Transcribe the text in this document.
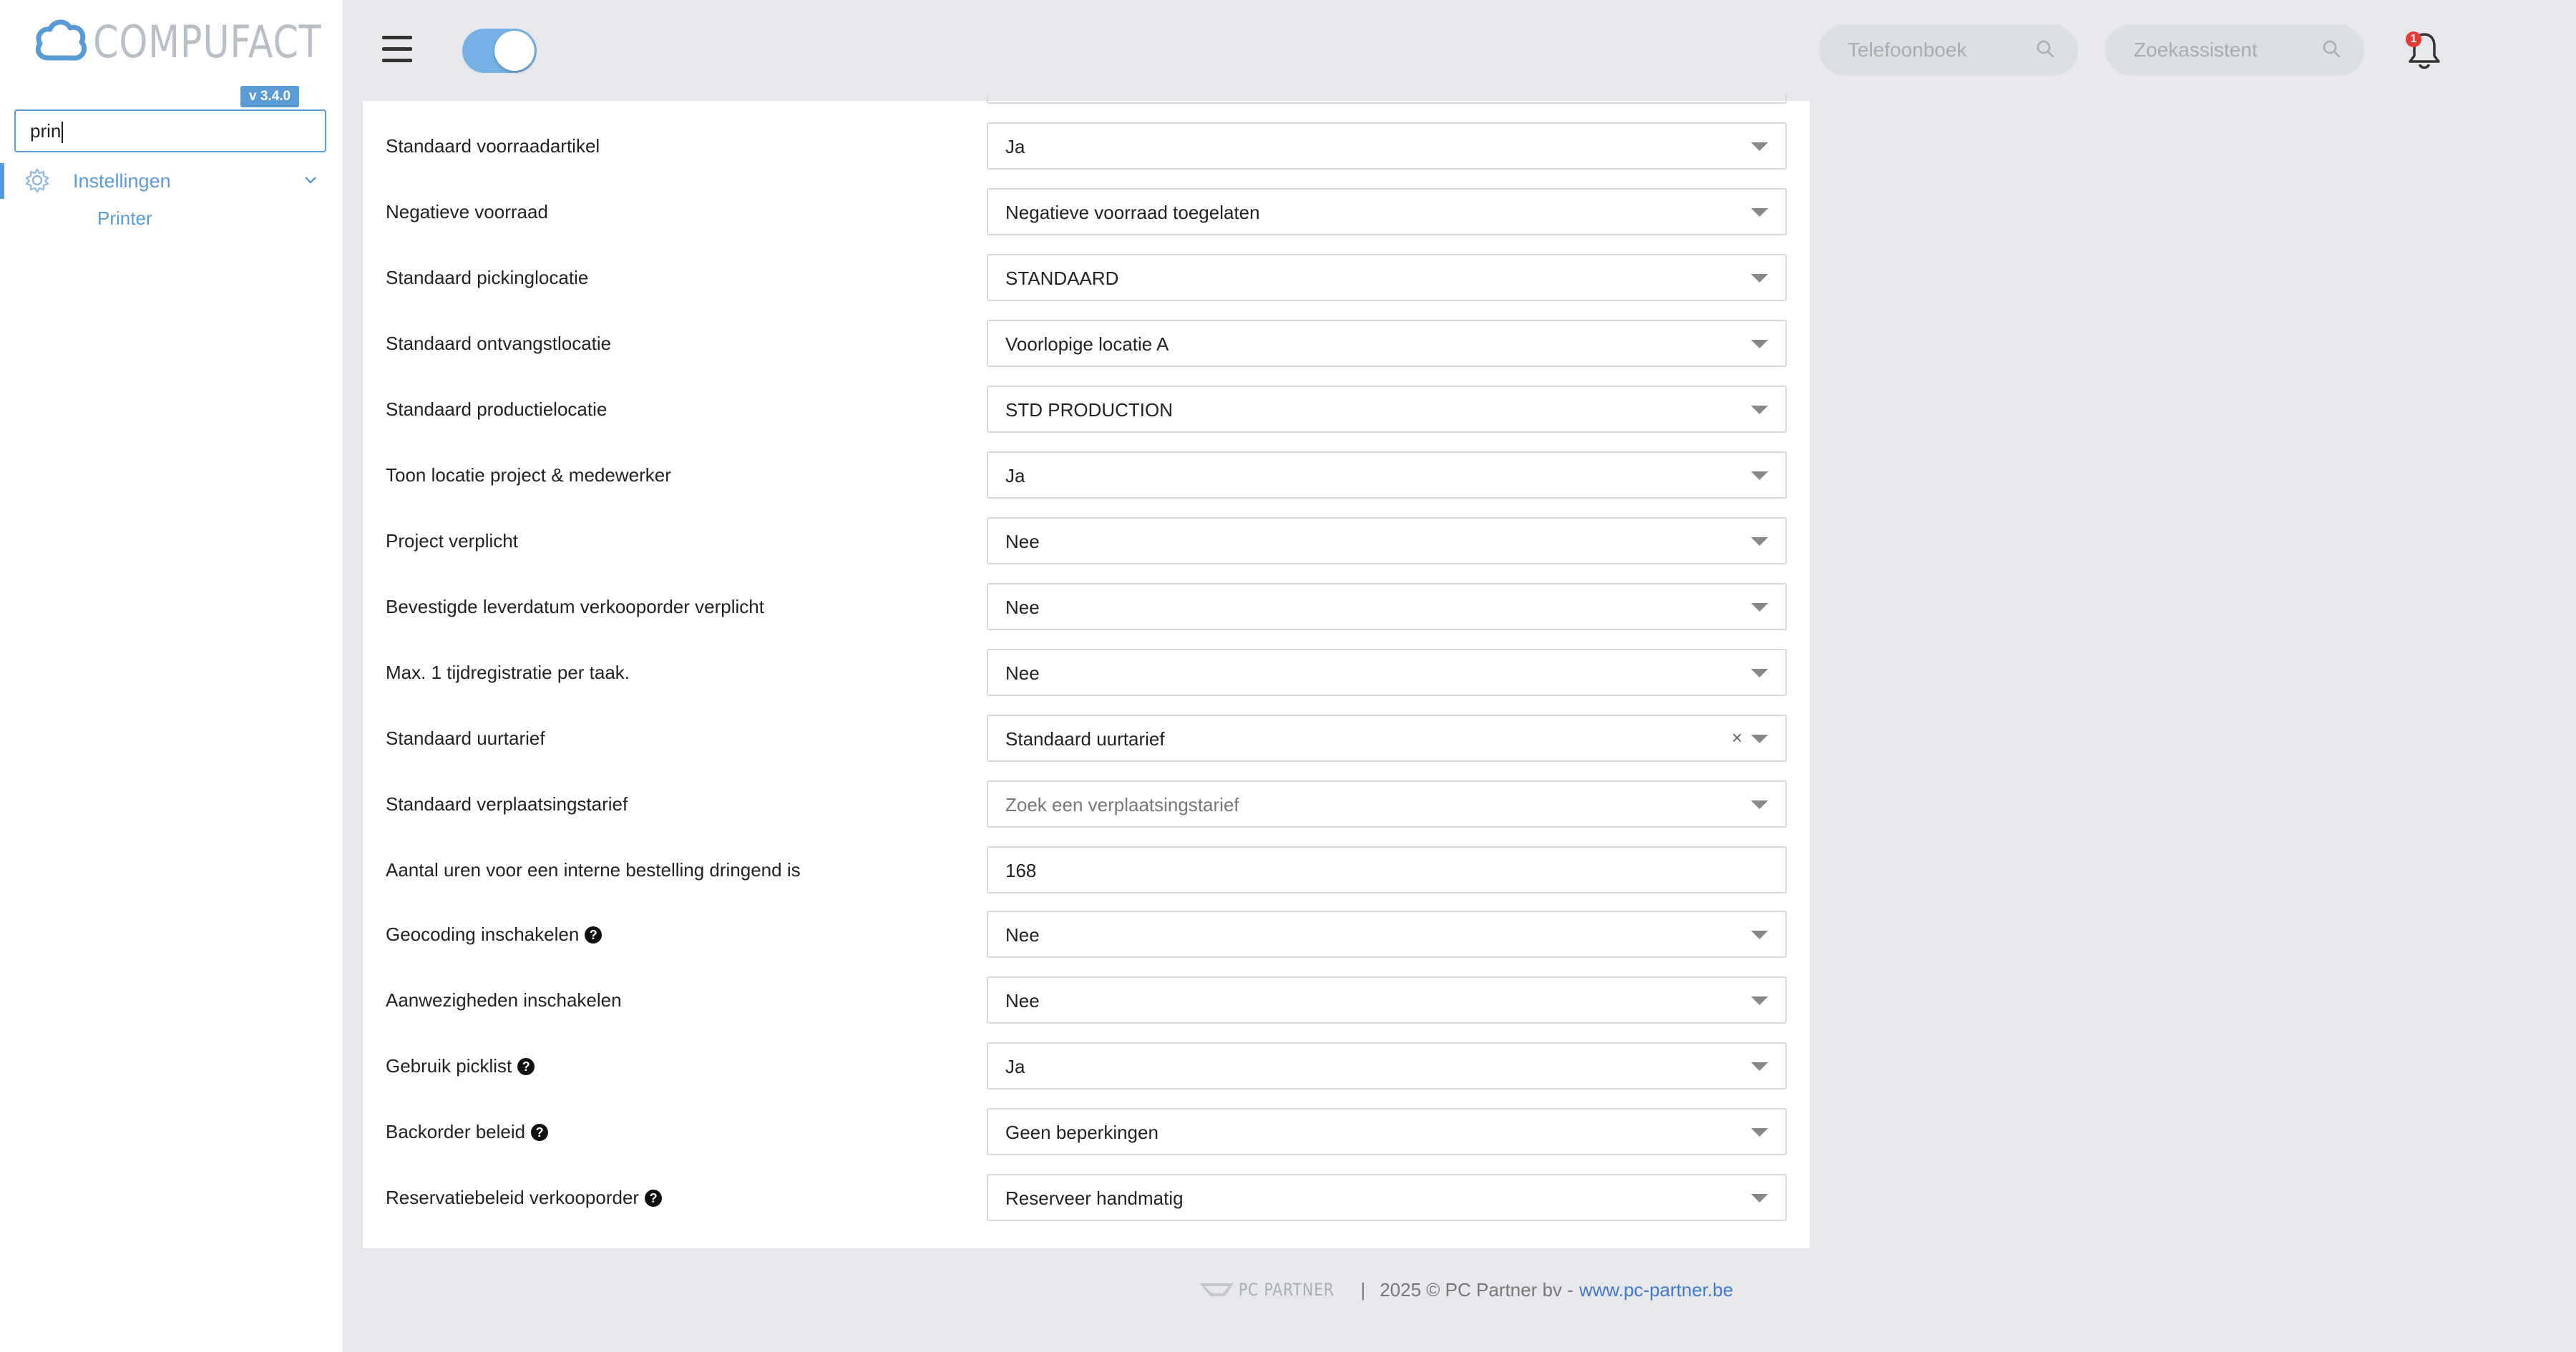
COMPUFACT
v 3.4.0
prin
Instellingen
Printer
Telefoonboek	Zoekassistent	1
Standaard voorraadartikel	Ja
Negatieve voorraad	Negatieve voorraad toegelaten
Standaard pickinglocatie	STANDAARD
Standaard ontvangstlocatie	Voorlopige locatie A
Standaard productielocatie	STD PRODUCTION
Toon locatie project & medewerker	Ja
Project verplicht	Nee
Bevestigde leverdatum verkooporder verplicht	Nee
Max. 1 tijdregistratie per taak.	Nee
Standaard uurtarief	Standaard uurtarief	×
Standaard verplaatsingstarief	Zoek een verplaatsingstarief
Aantal uren voor een interne bestelling dringend is	168
Geocoding inschakelen ?	Nee
Aanwezigheden inschakelen	Nee
Gebruik picklist ?	Ja
Backorder beleid ?	Geen beperkingen
Reservatiebeleid verkooporder ?	Reserveer handmatig
PC PARTNER | 2025 © PC Partner bv - www.pc-partner.be
